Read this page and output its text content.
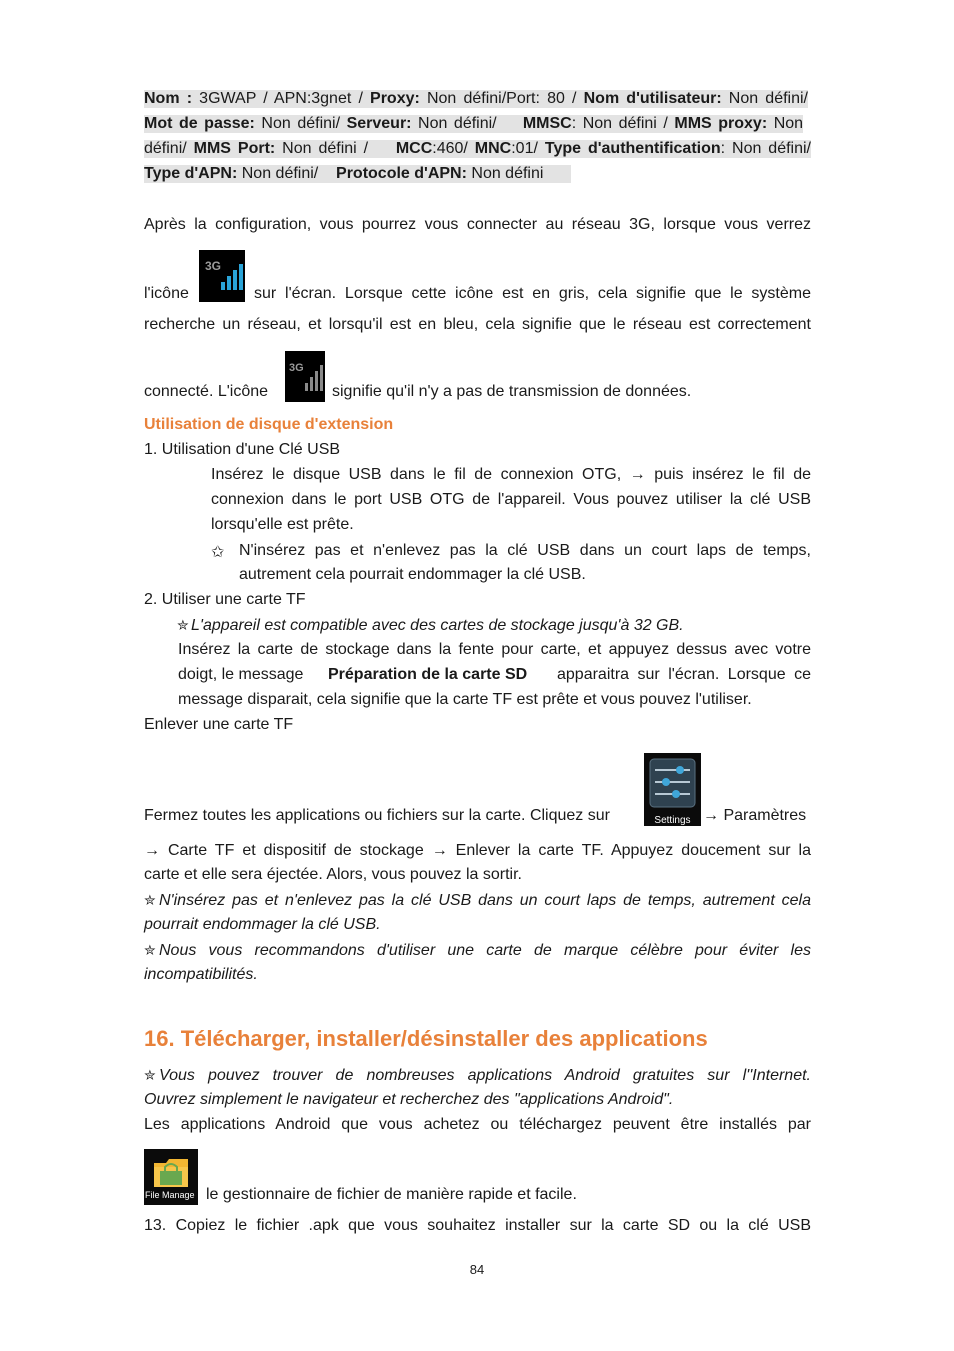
Nom : 3GWAP / APN:3gnet / Proxy: Non défini/Port: 80 / Nom d'utilisateur: Non défini/
Mot de passe: Non défini/ Serveur: Non défini/    MMSC: Non défini / MMS proxy: Non
défini/ MMS Port: Non défini /    MCC:460/ MNC:01/ Type d'authentification: Non défini/
Type d'APN: Non défini/    Protocole d'APN: Non défini
Après la configuration, vous pourrez vous connecter au réseau 3G, lorsque vous verrez
l'icône
3G
sur l'écran. Lorsque cette icône est en gris, cela signifie que le système
recherche un réseau, et lorsqu'il est en bleu, cela signifie que le réseau est correctement
connecté. L'icône
3G
signifie qu'il n'y a pas de transmission de données.
Utilisation de disque d'extension
1. Utilisation d'une Clé USB
Insérez le disque USB dans le fil de connexion OTG, → puis insérez le fil de
connexion dans le port USB OTG de l'appareil. Vous pouvez utiliser la clé USB
lorsqu'elle est prête.
✩ N'insérez pas et n'enlevez pas la clé USB dans un court laps de temps,
autrement cela pourrait endommager la clé USB.
2. Utiliser une carte TF
✮ L'appareil est compatible avec des cartes de stockage jusqu'à 32 GB.
Insérez la carte de stockage dans la fente pour carte, et appuyez dessus avec votre
doigt, le message Préparation de la carte SD apparaitra sur l'écran. Lorsque ce
message disparait, cela signifie que la carte TF est prête et vous pouvez l'utiliser.
Enlever une carte TF
Fermez toutes les applications ou fichiers sur la carte. Cliquez sur	Settings → Paramètres
→ Carte TF et dispositif de stockage → Enlever la carte TF. Appuyez doucement sur la
carte et elle sera éjectée. Alors, vous pouvez la sortir.
✮ N'insérez pas et n'enlevez pas la clé USB dans un court laps de temps, autrement cela
pourrait endommager la clé USB.
✮ Nous vous recommandons d'utiliser une carte de marque célèbre pour éviter les
incompatibilités.
16. Télécharger, installer/désinstaller des applications
✮ Vous pouvez trouver de nombreuses applications Android gratuites sur l''Internet.
Ouvrez simplement le navigateur et recherchez des "applications Android".
Les applications Android que vous achetez ou téléchargez peuvent être installés par
File Manage le gestionnaire de fichier de manière rapide et facile.
13. Copiez le fichier .apk que vous souhaitez installer sur la carte SD ou la clé USB
84
